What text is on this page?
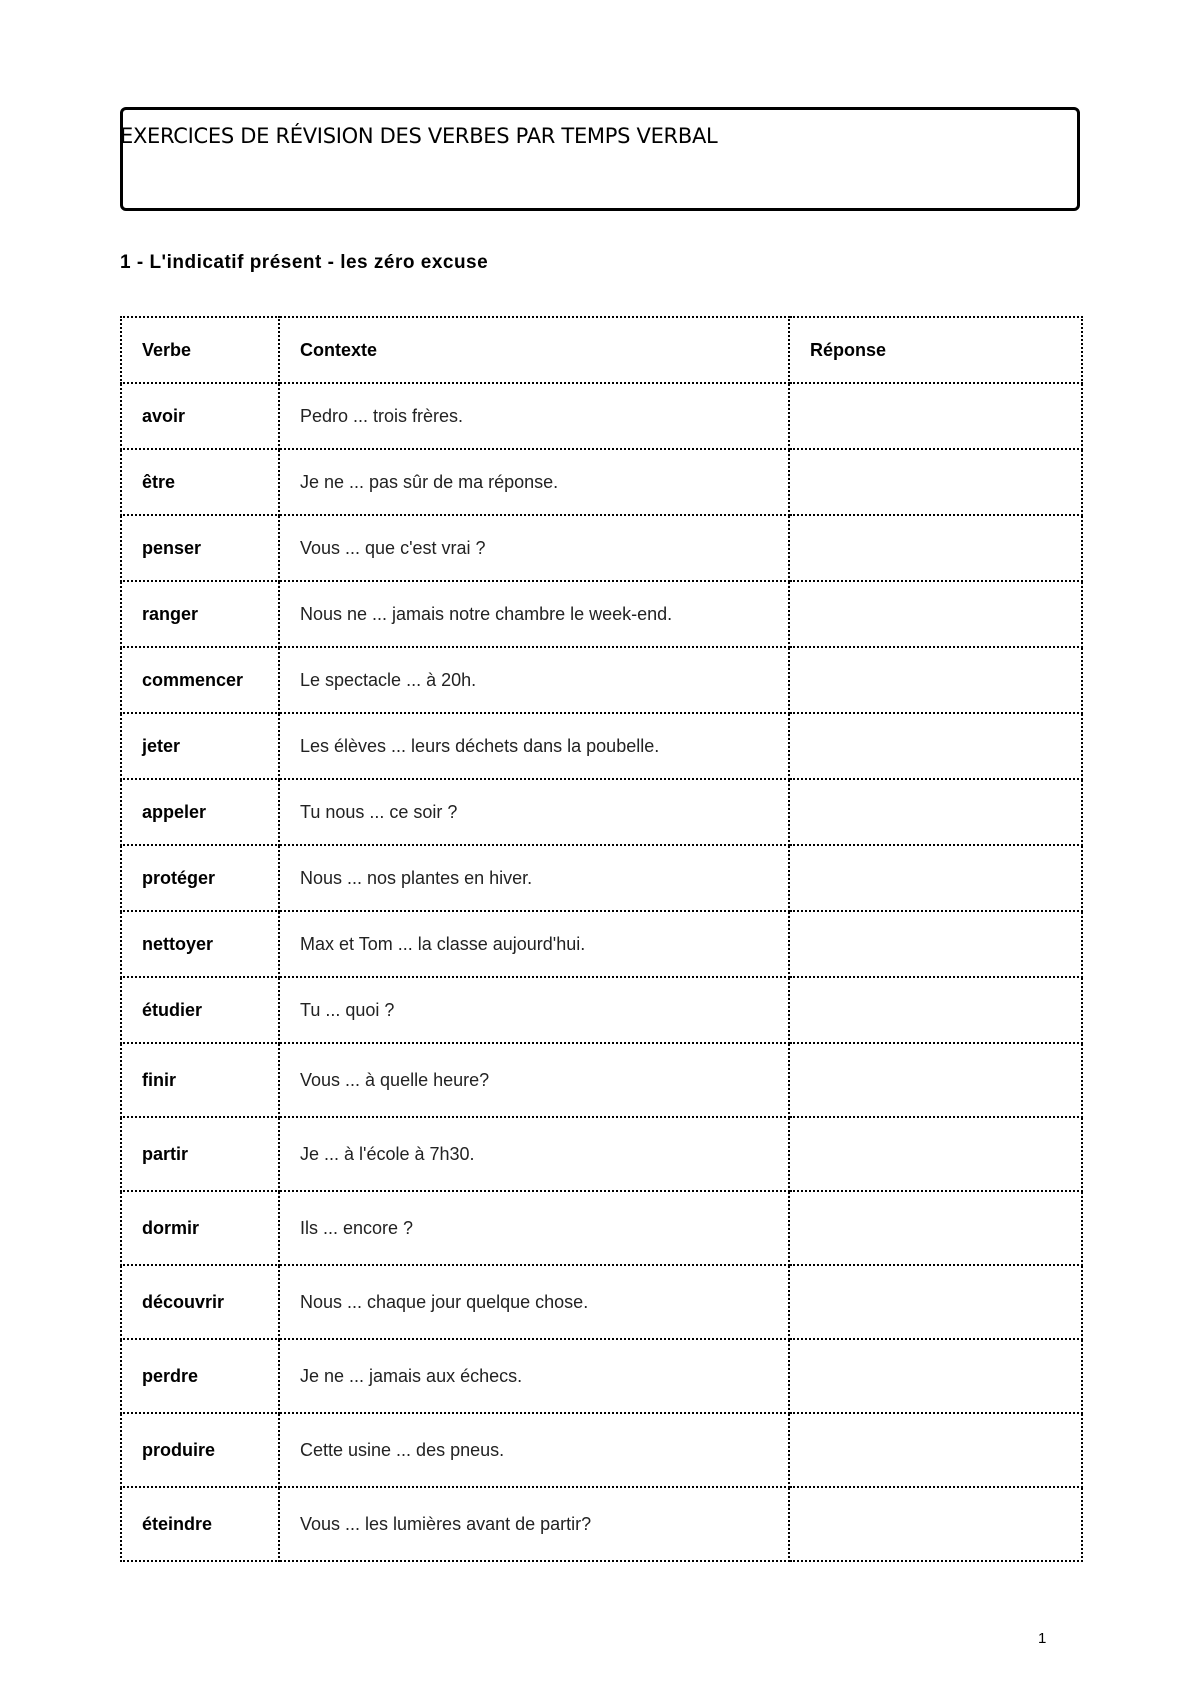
EXERCICES DE RÉVISION DES VERBES PAR TEMPS VERBAL
1 - L'indicatif présent - les zéro excuse
Verbe	Contexte	Réponse
avoir	Pedro ... trois frères.	
être	Je ne ... pas sûr de ma réponse.	
penser	Vous ... que c'est vrai ?	
ranger	Nous ne ... jamais notre chambre le week-end.	
commencer	Le spectacle ... à 20h.	
jeter	Les élèves ... leurs déchets dans la poubelle.	
appeler	Tu nous ... ce soir ?	
protéger	Nous ... nos plantes en hiver.	
nettoyer	Max et Tom ... la classe aujourd'hui.	
étudier	Tu ... quoi ?	
finir	Vous ... à quelle heure?	
partir	Je ... à l'école à 7h30.	
dormir	Ils ... encore ?	
découvrir	Nous ... chaque jour quelque chose.	
perdre	Je ne ... jamais aux échecs.	
produire	Cette usine ... des pneus.	
éteindre	Vous ... les lumières avant de partir?	
1
